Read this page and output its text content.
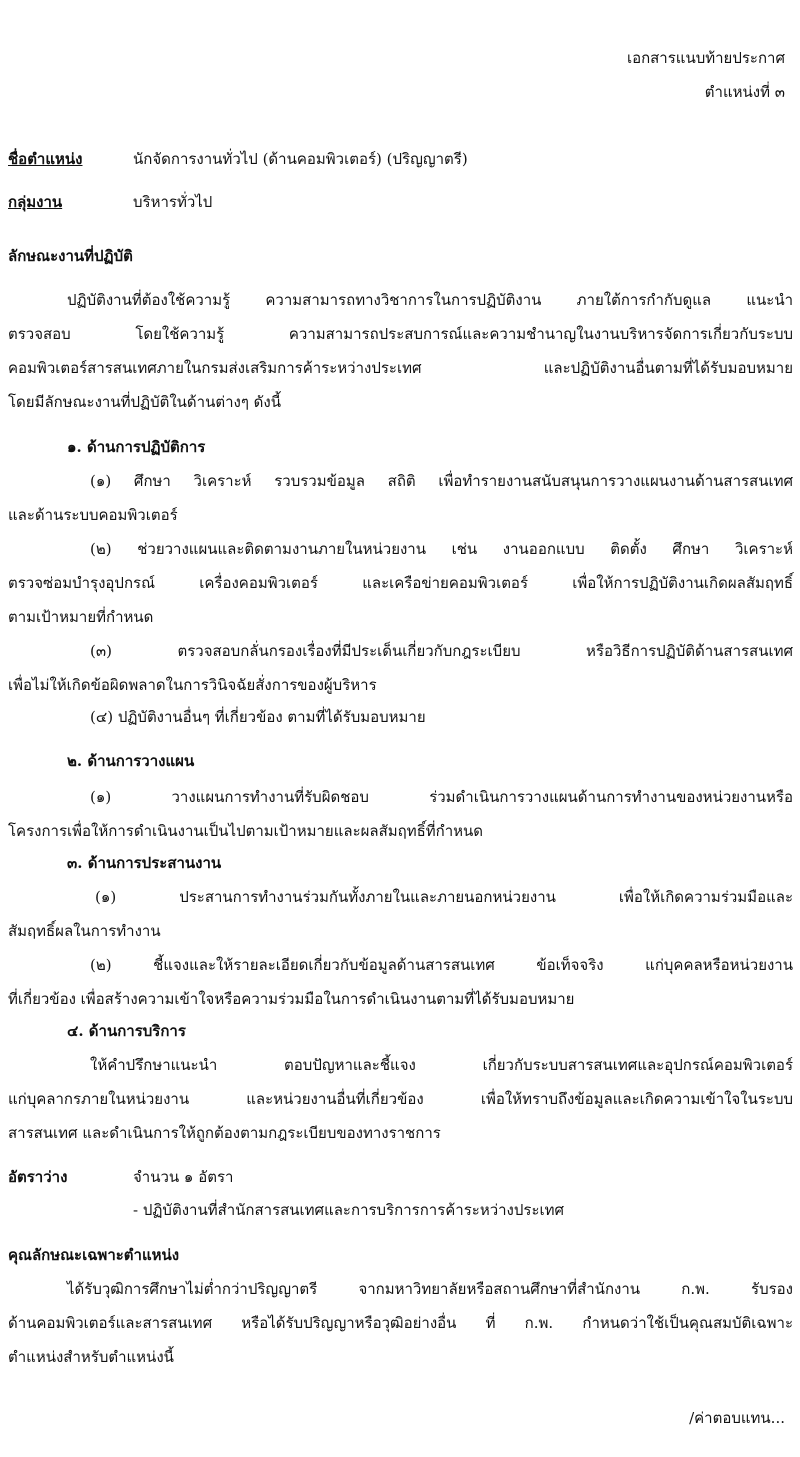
เอกสารแนบท้ายประกาศ
ตำแหน่งที่ ๓
ชื่อตำแหน่ง	นักจัดการงานทั่วไป (ด้านคอมพิวเตอร์) (ปริญญาตรี)
กลุ่มงาน	บริหารทั่วไป
ลักษณะงานที่ปฏิบัติ
ปฏิบัติงานที่ต้องใช้ความรู้ ความสามารถทางวิชาการในการปฏิบัติงาน ภายใต้การกำกับดูแล แนะนำ
ตรวจสอบ โดยใช้ความรู้ ความสามารถประสบการณ์และความชำนาญในงานบริหารจัดการเกี่ยวกับระบบ
คอมพิวเตอร์สารสนเทศภายในกรมส่งเสริมการค้าระหว่างประเทศ และปฏิบัติงานอื่นตามที่ได้รับมอบหมาย
โดยมีลักษณะงานที่ปฏิบัติในด้านต่างๆ ดังนี้
๑. ด้านการปฏิบัติการ
(๑) ศึกษา วิเคราะห์ รวบรวมข้อมูล สถิติ เพื่อทำรายงานสนับสนุนการวางแผนงานด้านสารสนเทศ
และด้านระบบคอมพิวเตอร์
(๒) ช่วยวางแผนและติดตามงานภายในหน่วยงาน เช่น งานออกแบบ ติดตั้ง ศึกษา วิเคราะห์
ตรวจซ่อมบำรุงอุปกรณ์ เครื่องคอมพิวเตอร์ และเครือข่ายคอมพิวเตอร์ เพื่อให้การปฏิบัติงานเกิดผลสัมฤทธิ์
ตามเป้าหมายที่กำหนด
(๓) ตรวจสอบกลั่นกรองเรื่องที่มีประเด็นเกี่ยวกับกฎระเบียบ หรือวิธีการปฏิบัติด้านสารสนเทศ
เพื่อไม่ให้เกิดข้อผิดพลาดในการวินิจฉัยสั่งการของผู้บริหาร
(๔) ปฏิบัติงานอื่นๆ ที่เกี่ยวข้อง ตามที่ได้รับมอบหมาย
๒. ด้านการวางแผน
(๑) วางแผนการทำงานที่รับผิดชอบ ร่วมดำเนินการวางแผนด้านการทำงานของหน่วยงานหรือ
โครงการเพื่อให้การดำเนินงานเป็นไปตามเป้าหมายและผลสัมฤทธิ์ที่กำหนด
๓. ด้านการประสานงาน
(๑) ประสานการทำงานร่วมกันทั้งภายในและภายนอกหน่วยงาน เพื่อให้เกิดความร่วมมือและ
สัมฤทธิ์ผลในการทำงาน
(๒) ชี้แจงและให้รายละเอียดเกี่ยวกับข้อมูลด้านสารสนเทศ ข้อเท็จจริง แก่บุคคลหรือหน่วยงาน
ที่เกี่ยวข้อง เพื่อสร้างความเข้าใจหรือความร่วมมือในการดำเนินงานตามที่ได้รับมอบหมาย
๔. ด้านการบริการ
ให้คำปรึกษาแนะนำ ตอบปัญหาและชี้แจง เกี่ยวกับระบบสารสนเทศและอุปกรณ์คอมพิวเตอร์
แก่บุคลากรภายในหน่วยงาน และหน่วยงานอื่นที่เกี่ยวข้อง เพื่อให้ทราบถึงข้อมูลและเกิดความเข้าใจในระบบ
สารสนเทศ และดำเนินการให้ถูกต้องตามกฎระเบียบของทางราชการ
อัตราว่าง	จำนวน ๑ อัตรา
- ปฏิบัติงานที่สำนักสารสนเทศและการบริการการค้าระหว่างประเทศ
คุณลักษณะเฉพาะตำแหน่ง
ได้รับวุฒิการศึกษาไม่ต่ำกว่าปริญญาตรี จากมหาวิทยาลัยหรือสถานศึกษาที่สำนักงาน ก.พ. รับรอง
ด้านคอมพิวเตอร์และสารสนเทศ หรือได้รับปริญญาหรือวุฒิอย่างอื่น ที่ ก.พ. กำหนดว่าใช้เป็นคุณสมบัติเฉพาะ
ตำแหน่งสำหรับตำแหน่งนี้
/ค่าตอบแทน...
